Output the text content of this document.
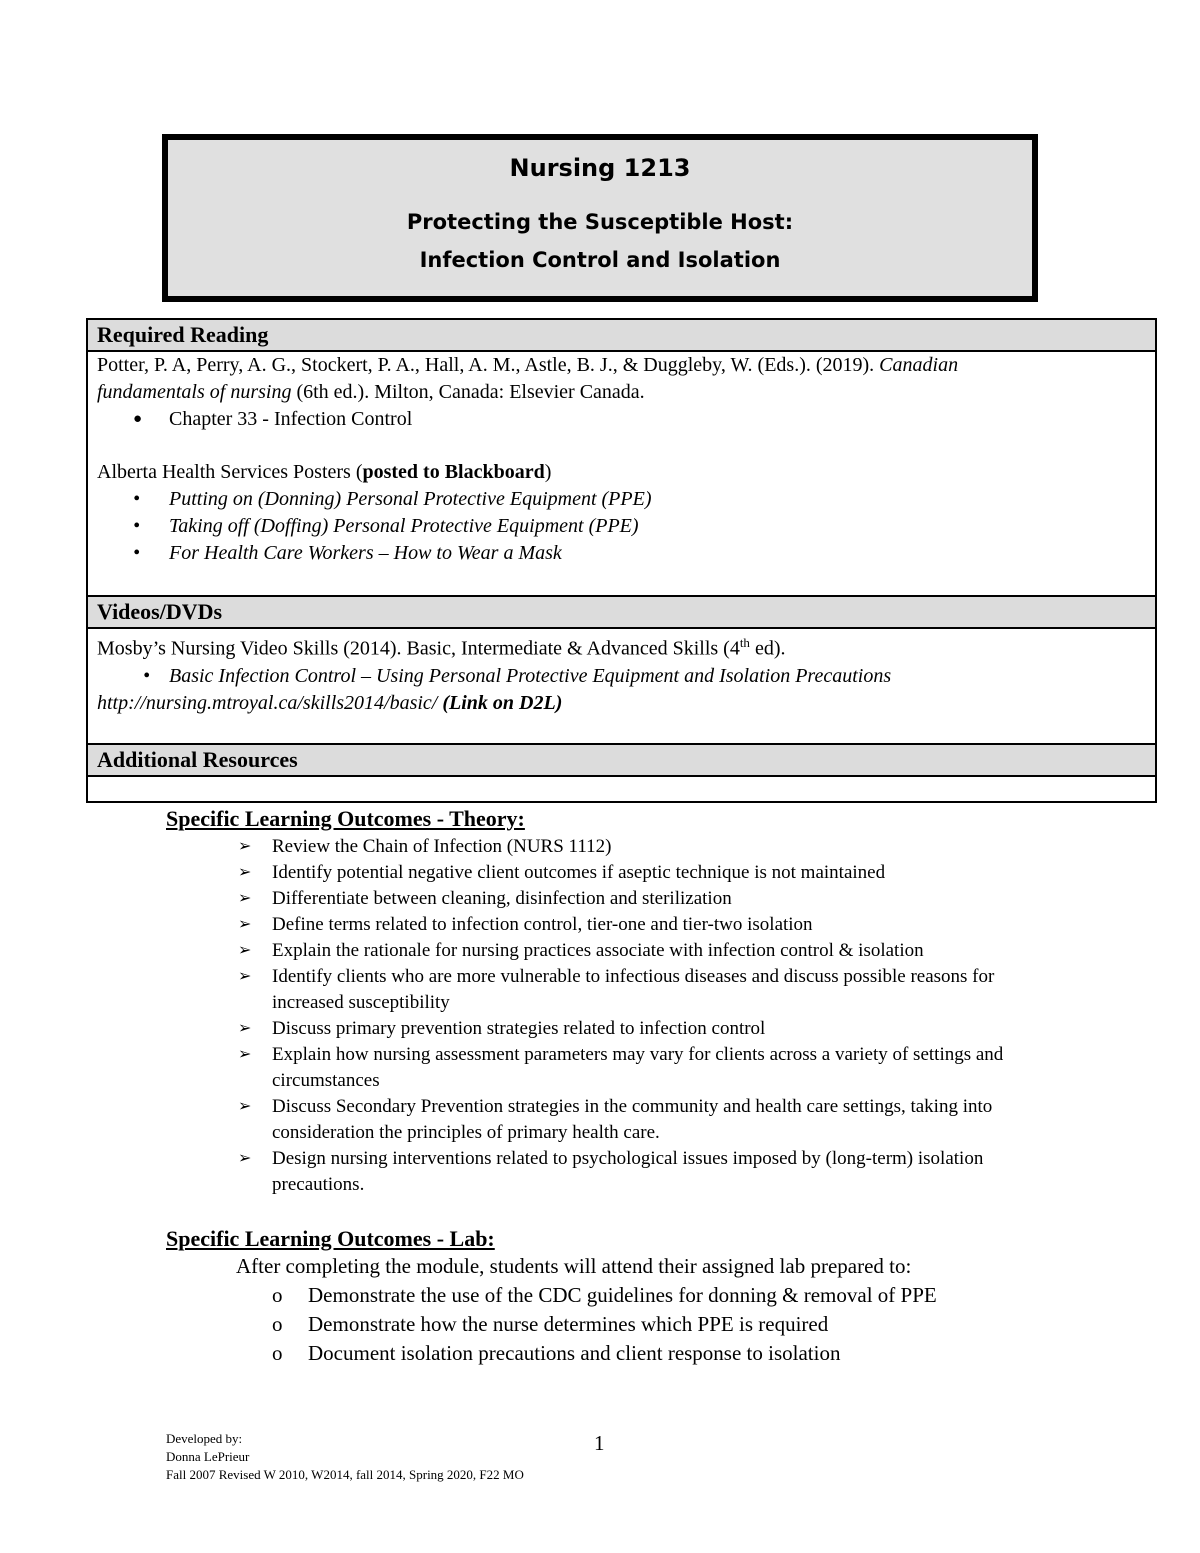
Nursing 1213
Protecting the Susceptible Host:
Infection Control and Isolation
Required Reading

Potter, P. A, Perry, A. G., Stockert, P. A., Hall, A. M., Astle, B. J., & Duggleby, W. (Eds.). (2019). Canadian
fundamentals of nursing (6th ed.). Milton, Canada: Elsevier Canada.
● Chapter 33 - Infection Control
Alberta Health Services Posters (posted to Blackboard)
• Putting on (Donning) Personal Protective Equipment (PPE)
• Taking off (Doffing) Personal Protective Equipment (PPE)
• For Health Care Workers – How to Wear a Mask

Videos/DVDs

Mosby’s Nursing Video Skills (2014). Basic, Intermediate & Advanced Skills (4th ed).
• Basic Infection Control – Using Personal Protective Equipment and Isolation Precautions
http://nursing.mtroyal.ca/skills2014/basic/ (Link on D2L)

Additional Resources

Specific Learning Outcomes - Theory:
➢ Review the Chain of Infection (NURS 1112)
➢ Identify potential negative client outcomes if aseptic technique is not maintained
➢ Differentiate between cleaning, disinfection and sterilization
➢ Define terms related to infection control, tier-one and tier-two isolation
➢ Explain the rationale for nursing practices associate with infection control & isolation
➢ Identify clients who are more vulnerable to infectious diseases and discuss possible reasons for increased susceptibility
➢ Discuss primary prevention strategies related to infection control
➢ Explain how nursing assessment parameters may vary for clients across a variety of settings and circumstances
➢ Discuss Secondary Prevention strategies in the community and health care settings, taking into consideration the principles of primary health care.
➢ Design nursing interventions related to psychological issues imposed by (long-term) isolation precautions.
Specific Learning Outcomes - Lab:
After completing the module, students will attend their assigned lab prepared to:
o Demonstrate the use of the CDC guidelines for donning & removal of PPE
o Demonstrate how the nurse determines which PPE is required
o Document isolation precautions and client response to isolation
Developed by:
Donna LePrieur
Fall 2007 Revised W 2010, W2014, fall 2014, Spring 2020, F22 MO
1
